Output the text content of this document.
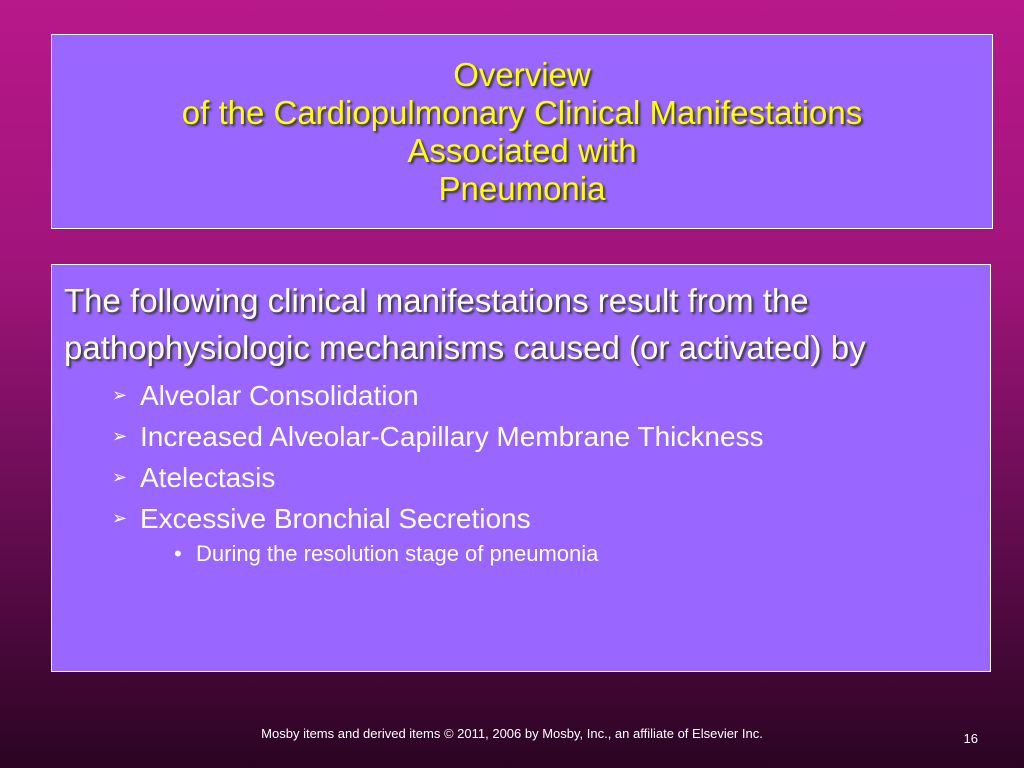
Overview
of the Cardiopulmonary Clinical Manifestations
Associated with
Pneumonia

The following clinical manifestations result from the pathophysiologic mechanisms caused (or activated) by

➢ Alveolar Consolidation
➢ Increased Alveolar-Capillary Membrane Thickness
➢ Atelectasis
➢ Excessive Bronchial Secretions
• During the resolution stage of pneumonia
Mosby items and derived items © 2011, 2006 by Mosby, Inc., an affiliate of Elsevier Inc.	16
